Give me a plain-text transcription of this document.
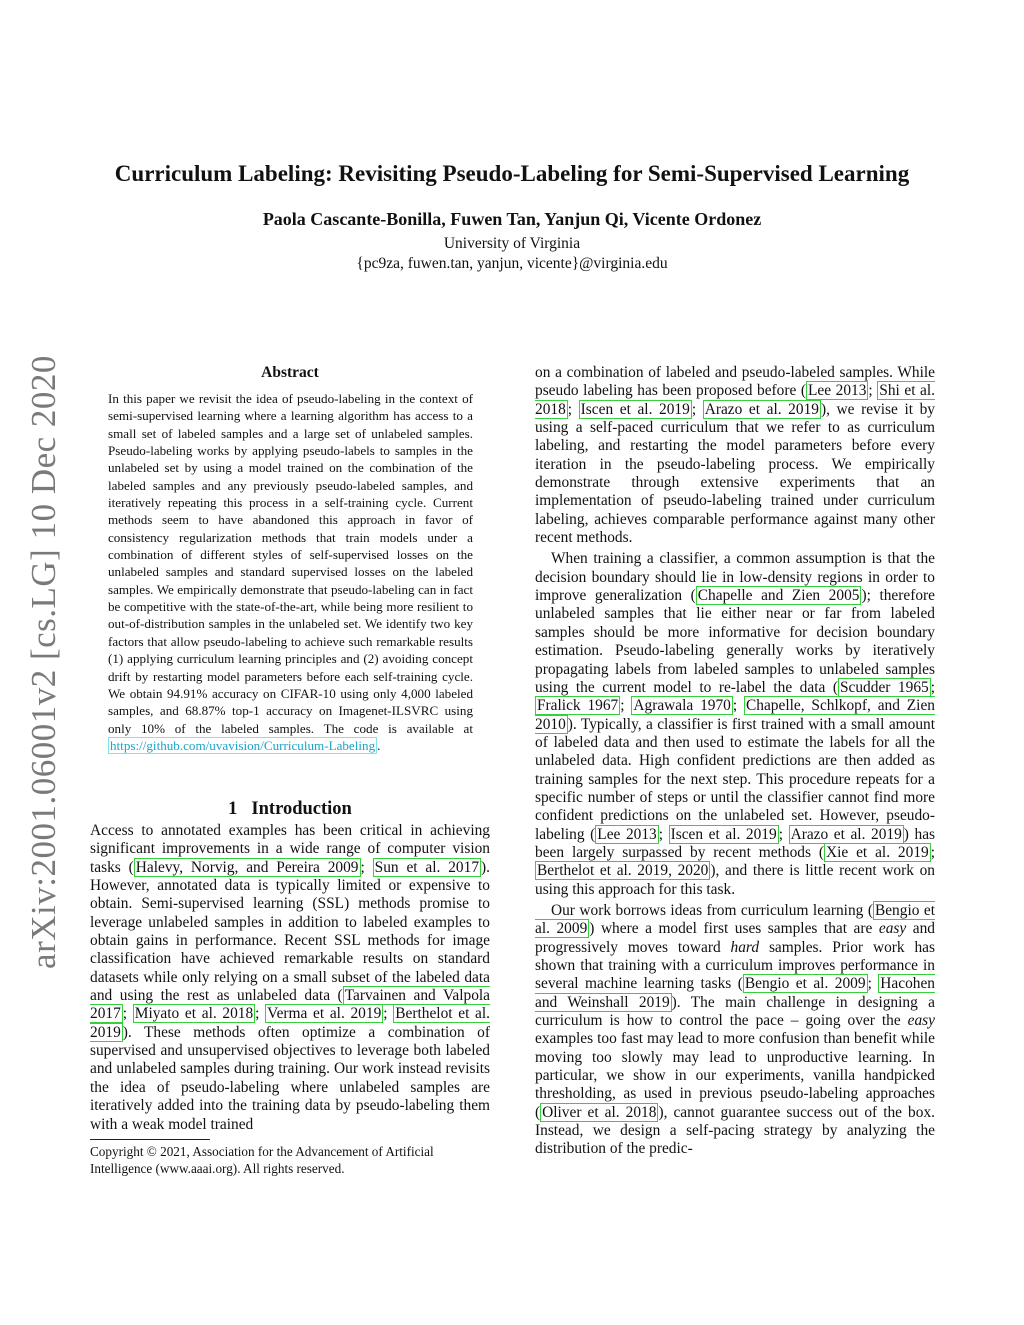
arXiv:2001.06001v2 [cs.LG] 10 Dec 2020
Curriculum Labeling: Revisiting Pseudo-Labeling for Semi-Supervised Learning
Paola Cascante-Bonilla, Fuwen Tan, Yanjun Qi, Vicente Ordonez
University of Virginia
{pc9za, fuwen.tan, yanjun, vicente}@virginia.edu
Abstract

In this paper we revisit the idea of pseudo-labeling in the context of semi-supervised learning where a learning algorithm has access to a small set of labeled samples and a large set of unlabeled samples. Pseudo-labeling works by applying pseudo-labels to samples in the unlabeled set by using a model trained on the combination of the labeled samples and any previously pseudo-labeled samples, and iteratively repeating this process in a self-training cycle. Current methods seem to have abandoned this approach in favor of consistency regularization methods that train models under a combination of different styles of self-supervised losses on the unlabeled samples and standard supervised losses on the labeled samples. We empirically demonstrate that pseudo-labeling can in fact be competitive with the state-of-the-art, while being more resilient to out-of-distribution samples in the unlabeled set. We identify two key factors that allow pseudo-labeling to achieve such remarkable results (1) applying curriculum learning principles and (2) avoiding concept drift by restarting model parameters before each self-training cycle. We obtain 94.91% accuracy on CIFAR-10 using only 4,000 labeled samples, and 68.87% top-1 accuracy on Imagenet-ILSVRC using only 10% of the labeled samples. The code is available at https://github.com/uvavision/Curriculum-Labeling .

1 Introduction

Access to annotated examples has been critical in achieving significant improvements in a wide range of computer vision tasks ( Halevy, Norvig, and Pereira 2009 ; Sun et al. 2017 ). However, annotated data is typically limited or expensive to obtain. Semi-supervised learning (SSL) methods promise to leverage unlabeled samples in addition to labeled examples to obtain gains in performance. Recent SSL methods for image classification have achieved remarkable results on standard datasets while only relying on a small subset of the labeled data and using the rest as unlabeled data ( Tarvainen and Valpola 2017 ; Miyato et al. 2018 ; Verma et al. 2019 ; Berthelot et al. 2019 ). These methods often optimize a combination of supervised and unsupervised objectives to leverage both labeled and unlabeled samples during training. Our work instead revisits the idea of pseudo-labeling where unlabeled samples are iteratively added into the training data by pseudo-labeling them with a weak model trained

Copyright © 2021, Association for the Advancement of Artificial Intelligence (www.aaai.org). All rights reserved.

on a combination of labeled and pseudo-labeled samples. While pseudo labeling has been proposed before ( Lee 2013 ; Shi et al. 2018 ; Iscen et al. 2019 ; Arazo et al. 2019 ), we revise it by using a self-paced curriculum that we refer to as curriculum labeling, and restarting the model parameters before every iteration in the pseudo-labeling process. We empirically demonstrate through extensive experiments that an implementation of pseudo-labeling trained under curriculum labeling, achieves comparable performance against many other recent methods.

When training a classifier, a common assumption is that the decision boundary should lie in low-density regions in order to improve generalization ( Chapelle and Zien 2005 ); therefore unlabeled samples that lie either near or far from labeled samples should be more informative for decision boundary estimation. Pseudo-labeling generally works by iteratively propagating labels from labeled samples to unlabeled samples using the current model to re-label the data ( Scudder 1965 ; Fralick 1967 ; Agrawala 1970 ; Chapelle, Schlkopf, and Zien 2010 ). Typically, a classifier is first trained with a small amount of labeled data and then used to estimate the labels for all the unlabeled data. High confident predictions are then added as training samples for the next step. This procedure repeats for a specific number of steps or until the classifier cannot find more confident predictions on the unlabeled set. However, pseudo-labeling ( Lee 2013 ; Iscen et al. 2019 ; Arazo et al. 2019 ) has been largely surpassed by recent methods ( Xie et al. 2019 ; Berthelot et al. 2019, 2020 ), and there is little recent work on using this approach for this task.

Our work borrows ideas from curriculum learning ( Bengio et al. 2009 ) where a model first uses samples that are easy and progressively moves toward hard samples. Prior work has shown that training with a curriculum improves performance in several machine learning tasks ( Bengio et al. 2009 ; Hacohen and Weinshall 2019 ). The main challenge in designing a curriculum is how to control the pace – going over the easy examples too fast may lead to more confusion than benefit while moving too slowly may lead to unproductive learning. In particular, we show in our experiments, vanilla handpicked thresholding, as used in previous pseudo-labeling approaches ( Oliver et al. 2018 ), cannot guarantee success out of the box. Instead, we design a self-pacing strategy by analyzing the distribution of the predic-
